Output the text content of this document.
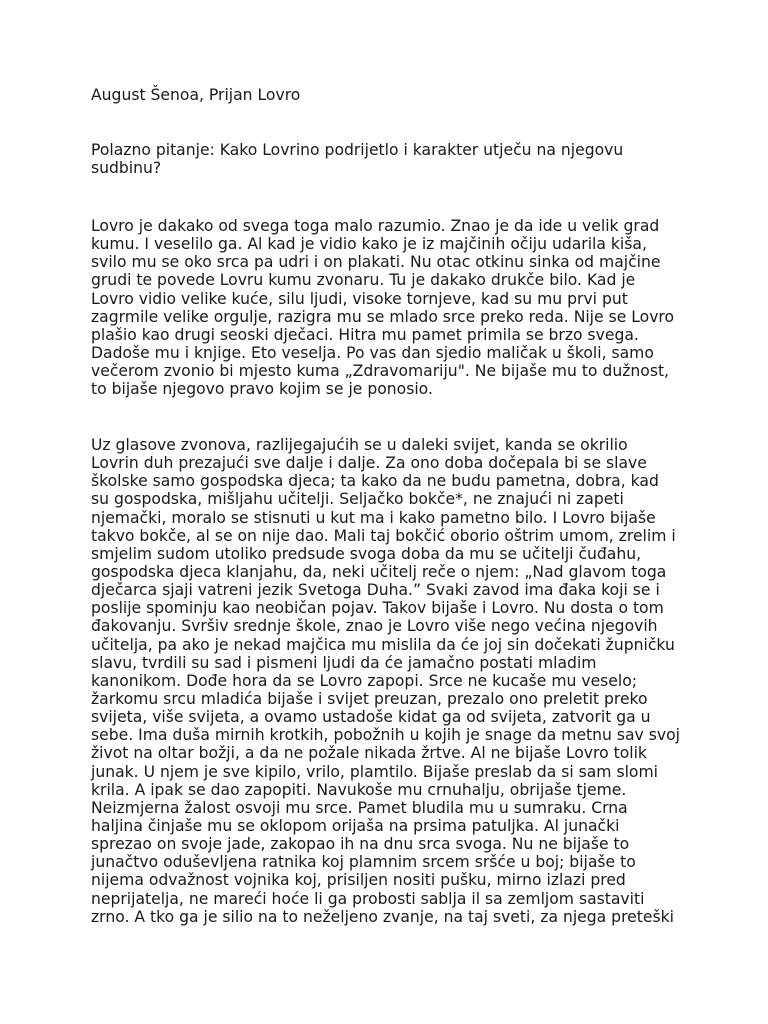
August Šenoa, Prijan Lovro

Polazno pitanje: Kako Lovrino podrijetlo i karakter utječu na njegovu
sudbinu?
Lovro je dakako od svega toga malo razumio. Znao je da ide u velik grad
kumu. I veselilo ga. Al kad je vidio kako je iz majčinih očiju udarila kiša,
svilo mu se oko srca pa udri i on plakati. Nu otac otkinu sinka od majčine
grudi te povede Lovru kumu zvonaru. Tu je dakako drukče bilo. Kad je
Lovro vidio velike kuće, silu ljudi, visoke tornjeve, kad su mu prvi put
zagrmile velike orgulje, razigra mu se mlado srce preko reda. Nije se Lovro
plašio kao drugi seoski dječaci. Hitra mu pamet primila se brzo svega.
Dadoše mu i knjige. Eto veselja. Po vas dan sjedio maličak u školi, samo
večerom zvonio bi mjesto kuma „Zdravomariju". Ne bijaše mu to dužnost,
to bijaše njegovo pravo kojim se je ponosio.
Uz glasove zvonova, razlijegajućih se u daleki svijet, kanda se okrilio
Lovrin duh prezajući sve dalje i dalje. Za ono doba dočepala bi se slave
školske samo gospodska djeca; ta kako da ne budu pametna, dobra, kad
su gospodska, mišljahu učitelji. Seljačko bokče*, ne znajući ni zapeti
njemački, moralo se stisnuti u kut ma i kako pametno bilo. I Lovro bijaše
takvo bokče, al se on nije dao. Mali taj bokčić oborio oštrim umom, zrelim i
smjelim sudom utoliko predsude svoga doba da mu se učitelji čuđahu,
gospodska djeca klanjahu, da, neki učitelj reče o njem: „Nad glavom toga
dječarca sjaji vatreni jezik Svetoga Duha.” Svaki zavod ima đaka koji se i
poslije spominju kao neobičan pojav. Takov bijaše i Lovro. Nu dosta o tom
đakovanju. Svršiv srednje škole, znao je Lovro više nego većina njegovih
učitelja, pa ako je nekad majčica mu mislila da će joj sin dočekati župničku
slavu, tvrdili su sad i pismeni ljudi da će jamačno postati mladim
kanonikom. Dođe hora da se Lovro zapopi. Srce ne kucaše mu veselo;
žarkomu srcu mladića bijaše i svijet preuzan, prezalo ono preletit preko
svijeta, više svijeta, a ovamo ustadoše kidat ga od svijeta, zatvorit ga u
sebe. Ima duša mirnih krotkih, pobožnih u kojih je snage da metnu sav svoj
život na oltar božji, a da ne požale nikada žrtve. Al ne bijaše Lovro tolik
junak. U njem je sve kipilo, vrilo, plamtilo. Bijaše preslab da si sam slomi
krila. A ipak se dao zapopiti. Navukoše mu crnuhalju, obrijaše tjeme.
Neizmjerna žalost osvoji mu srce. Pamet bludila mu u sumraku. Crna
haljina činjaše mu se oklopom orijaša na prsima patuljka. Al junački
sprezao on svoje jade, zakopao ih na dnu srca svoga. Nu ne bijaše to
junačtvo oduševljena ratnika koj plamnim srcem sršće u boj; bijaše to
nijema odvažnost vojnika koj, prisiljen nositi pušku, mirno izlazi pred
neprijatelja, ne mareći hoće li ga probosti sablja il sa zemljom sastaviti
zrno. A tko ga je silio na to neželjeno zvanje, na taj sveti, za njega preteški
